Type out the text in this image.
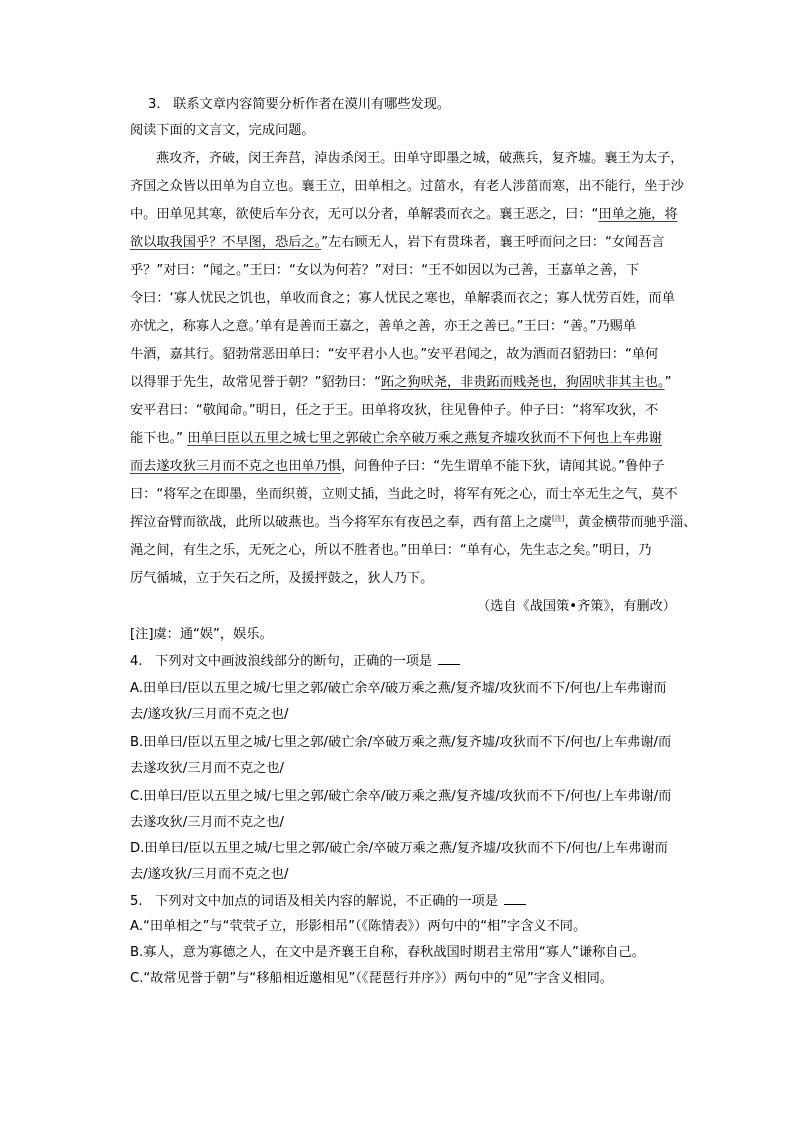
3. 联系文章内容简要分析作者在漠川有哪些发现。
阅读下面的文言文，完成问题。
燕攻齐，齐破，闵王奔莒，淖齿杀闵王。田单守即墨之城，破燕兵，复齐墟。襄王为太子，
齐国之众皆以田单为自立也。襄王立，田单相之。过菑水，有老人涉菑而寒，出不能行，坐于沙
中。田单见其寒，欲使后车分衣，无可以分者，单解裘而衣之。襄王恶之，曰：“田单之施，将
欲以取我国乎？不早图，恐后之。”左右顾无人，岩下有贯珠者，襄王呼而问之曰：“女闻吾言
乎？”对曰：“闻之。”王曰：“女以为何若？”对曰：“王不如因以为己善，王嘉单之善，下
令曰：‘寡人忧民之饥也，单收而食之；寡人忧民之寒也，单解裘而衣之；寡人忧劳百姓，而单
亦忧之，称寡人之意。’单有是善而王嘉之，善单之善，亦王之善已。”王曰：“善。”乃赐单
牛酒，嘉其行。貂勃常恶田单曰：“安平君小人也。”安平君闻之，故为酒而召貂勃曰：“单何
以得罪于先生，故常见誉于朝？”貂勃曰：“跖之狗吠尧，非贵跖而贱尧也，狗固吠非其主也。”
安平君曰：“敬闻命。”明日，任之于王。田单将攻狄，往见鲁仲子。仲子曰：“将军攻狄，不
能下也。” 田单曰臣以五里之城七里之郭破亡余卒破万乘之燕复齐墟攻狄而不下何也上车弗谢
而去遂攻狄三月而不克之也田单乃惧，问鲁仲子曰：“先生谓单不能下狄，请闻其说。”鲁仲子
曰：“将军之在即墨，坐而织蒉，立则丈插，当此之时，将军有死之心，而士卒无生之气，莫不
挥泣奋臂而欲战，此所以破燕也。当今将军东有夜邑之奉，西有菑上之虞[注]，黄金横带而驰乎淄、
渑之间，有生之乐，无死之心，所以不胜者也。”田单曰：“单有心，先生志之矣。”明日，乃
厉气循城，立于矢石之所，及援抨鼓之，狄人乃下。
（选自《战国策•齐策》，有删改）
[注]虞：通“娱”，娱乐。
4. 下列对文中画波浪线部分的断句，正确的一项是
A.田单曰/臣以五里之城/七里之郭/破亡余卒/破万乘之燕/复齐墟/攻狄而不下/何也/上车弗谢而
去/遂攻狄/三月而不克之也/
B.田单曰/臣以五里之城/七里之郭/破亡余/卒破万乘之燕/复齐墟/攻狄而不下/何也/上车弗谢/而
去遂攻狄/三月而不克之也/
C.田单曰/臣以五里之城/七里之郭/破亡余卒/破万乘之燕/复齐墟/攻狄而不下/何也/上车弗谢/而
去遂攻狄/三月而不克之也/
D.田单曰/臣以五里之城/七里之郭/破亡余/卒破万乘之燕/复齐墟/攻狄而不下/何也/上车弗谢而
去/遂攻狄/三月而不克之也/
5. 下列对文中加点的词语及相关内容的解说，不正确的一项是
A.“田单相之”与“茕茕孑立，形影相吊”（《陈情表》）两句中的“相”字含义不同。
B.寡人，意为寡德之人，在文中是齐襄王自称，春秋战国时期君主常用“寡人”谦称自己。
C.“故常见誉于朝”与“移船相近邀相见”（《琵琶行并序》）两句中的“见”字含义相同。
